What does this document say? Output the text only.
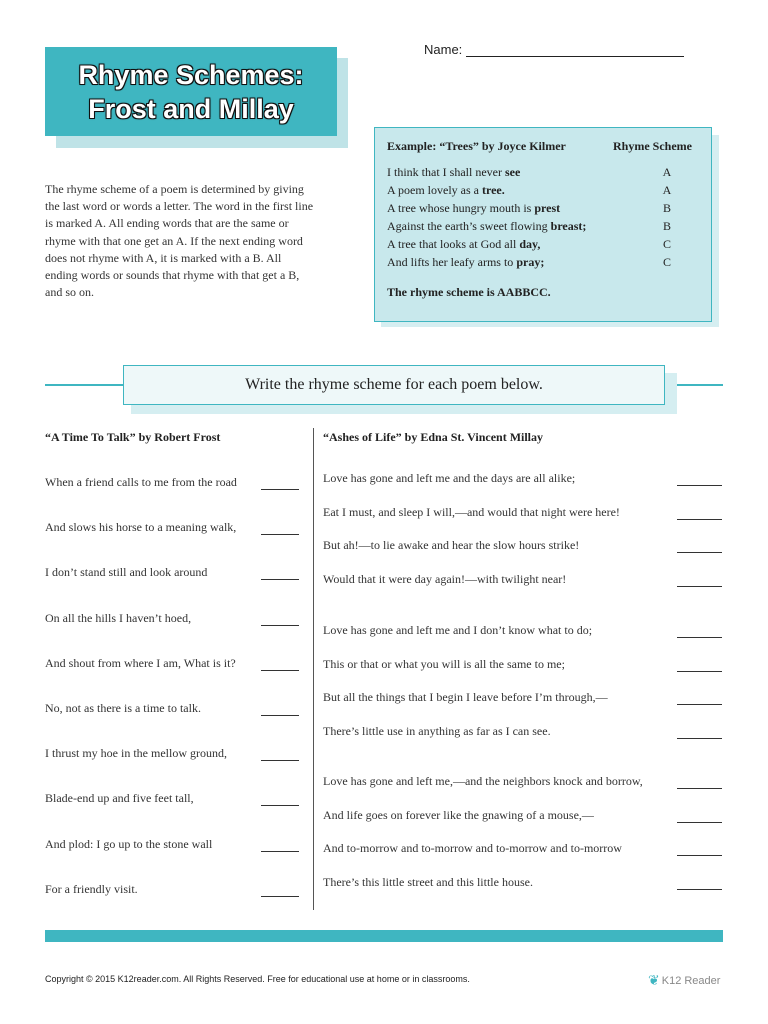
Rhyme Schemes:
Frost and Millay
Name:
The rhyme scheme of a poem is determined by giving the last word or words a letter. The word in the first line is marked A. All ending words that are the same or rhyme with that one get an A. If the next ending word does not rhyme with A, it is marked with a B. All ending words or sounds that rhyme with that get a B, and so on.
Example: “Trees” by Joyce Kilmer	Rhyme Scheme
I think that I shall never see	A
A poem lovely as a tree.	A
A tree whose hungry mouth is prest	B
Against the earth’s sweet flowing breast;	B
A tree that looks at God all day,	C
And lifts her leafy arms to pray;	C
The rhyme scheme is AABBCC.
Write the rhyme scheme for each poem below.
“A Time To Talk” by Robert Frost	“Ashes of Life” by Edna St. Vincent Millay
When a friend calls to me from the road
And slows his horse to a meaning walk,
I don’t stand still and look around
On all the hills I haven’t hoed,
And shout from where I am, What is it?
No, not as there is a time to talk.
I thrust my hoe in the mellow ground,
Blade-end up and five feet tall,
And plod: I go up to the stone wall
For a friendly visit.
Love has gone and left me and the days are all alike;
Eat I must, and sleep I will,—and would that night were here!
But ah!—to lie awake and hear the slow hours strike!
Would that it were day again!—with twilight near!
Love has gone and left me and I don’t know what to do;
This or that or what you will is all the same to me;
But all the things that I begin I leave before I’m through,—
There’s little use in anything as far as I can see.
Love has gone and left me,—and the neighbors knock and borrow,
And life goes on forever like the gnawing of a mouse,—
And to-morrow and to-morrow and to-morrow and to-morrow
There’s this little street and this little house.
Copyright © 2015 K12reader.com. All Rights Reserved. Free for educational use at home or in classrooms.	❦ K12 Reader
